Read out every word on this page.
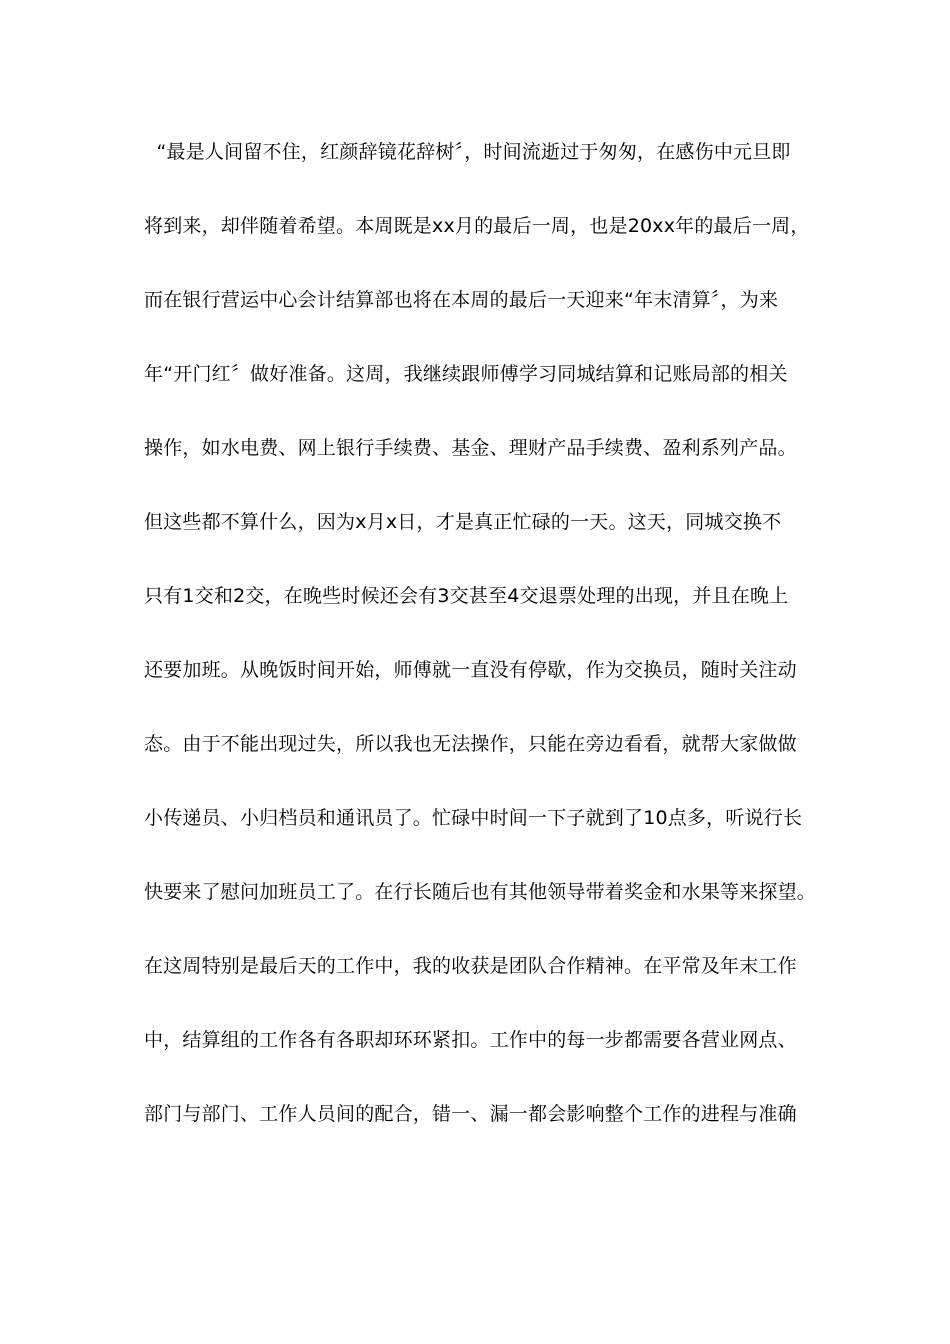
“最是人间留不住，红颜辞镜花辞树〞，时间流逝过于匆匆，在感伤中元旦即
将到来，却伴随着希望。本周既是xx月的最后一周，也是20xx年的最后一周，
而在银行营运中心会计结算部也将在本周的最后一天迎来“年末清算〞，为来
年“开门红〞做好准备。这周，我继续跟师傅学习同城结算和记账局部的相关
操作，如水电费、网上银行手续费、基金、理财产品手续费、盈利系列产品。
但这些都不算什么，因为x月x日，才是真正忙碌的一天。这天，同城交换不
只有1交和2交，在晚些时候还会有3交甚至4交退票处理的出现，并且在晚上
还要加班。从晚饭时间开始，师傅就一直没有停歇，作为交换员，随时关注动
态。由于不能出现过失，所以我也无法操作，只能在旁边看看，就帮大家做做
小传递员、小归档员和通讯员了。忙碌中时间一下子就到了10点多，听说行长
快要来了慰问加班员工了。在行长随后也有其他领导带着奖金和水果等来探望。
在这周特别是最后天的工作中，我的收获是团队合作精神。在平常及年末工作
中，结算组的工作各有各职却环环紧扣。工作中的每一步都需要各营业网点、
部门与部门、工作人员间的配合，错一、漏一都会影响整个工作的进程与准确
